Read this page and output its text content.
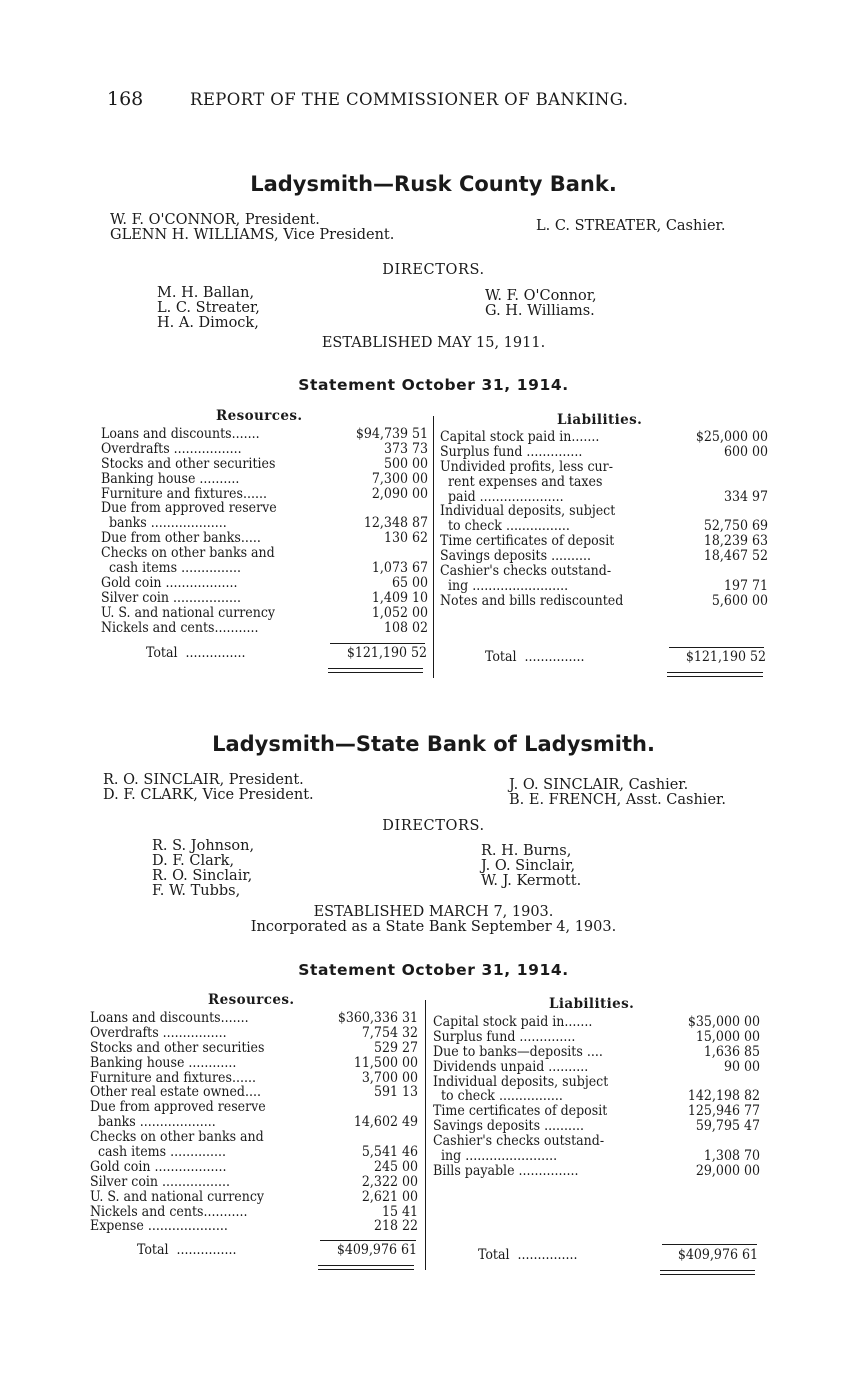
168	REPORT OF THE COMMISSIONER OF BANKING.
Ladysmith—Rusk County Bank.
W. F. O'CONNOR, President.
GLENN H. WILLIAMS, Vice President.
L. C. STREATER, Cashier.
DIRECTORS.
M. H. Ballan,
L. C. Streater,
H. A. Dimock,
W. F. O'Connor,
G. H. Williams.
ESTABLISHED MAY 15, 1911.
Statement October 31, 1914.
Resources.	Liabilities.
Loans and discounts.......	$94,739 51
Overdrafts .................	373 73
Stocks and other securities	500 00
Banking house ..........	7,300 00
Furniture and fixtures......	2,090 00
Due from approved reserve
banks ...................	12,348 87
Due from other banks.....	130 62
Checks on other banks and
cash items ...............	1,073 67
Gold coin ..................	65 00
Silver coin .................	1,409 10
U. S. and national currency	1,052 00
Nickels and cents...........	108 02
Capital stock paid in.......	$25,000 00
Surplus fund ..............	600 00
Undivided profits, less cur-
rent expenses and taxes
paid .....................	334 97
Individual deposits, subject
to check ................	52,750 69
Time certificates of deposit	18,239 63
Savings deposits ..........	18,467 52
Cashier's checks outstand-
ing ........................	197 71
Notes and bills rediscounted	5,600 00
Total  ...............	$121,190 52	Total  ...............	$121,190 52
Ladysmith—State Bank of Ladysmith.
R. O. SINCLAIR, President.
D. F. CLARK, Vice President.
J. O. SINCLAIR, Cashier.
B. E. FRENCH, Asst. Cashier.
DIRECTORS.
R. S. Johnson,
D. F. Clark,
R. O. Sinclair,
F. W. Tubbs,
R. H. Burns,
J. O. Sinclair,
W. J. Kermott.
ESTABLISHED MARCH 7, 1903.
Incorporated as a State Bank September 4, 1903.
Statement October 31, 1914.
Resources.	Liabilities.
Loans and discounts.......	$360,336 31
Overdrafts ................	7,754 32
Stocks and other securities	529 27
Banking house ............	11,500 00
Furniture and fixtures......	3,700 00
Other real estate owned....	591 13
Due from approved reserve
banks ...................	14,602 49
Checks on other banks and
cash items ..............	5,541 46
Gold coin ..................	245 00
Silver coin .................	2,322 00
U. S. and national currency	2,621 00
Nickels and cents...........	15 41
Expense ....................	218 22
Capital stock paid in.......	$35,000 00
Surplus fund ..............	15,000 00
Due to banks—deposits ....	1,636 85
Dividends unpaid ..........	90 00
Individual deposits, subject
to check ................	142,198 82
Time certificates of deposit	125,946 77
Savings deposits ..........	59,795 47
Cashier's checks outstand-
ing .......................	1,308 70
Bills payable ...............	29,000 00
Total  ...............	$409,976 61	Total  ...............	$409,976 61
